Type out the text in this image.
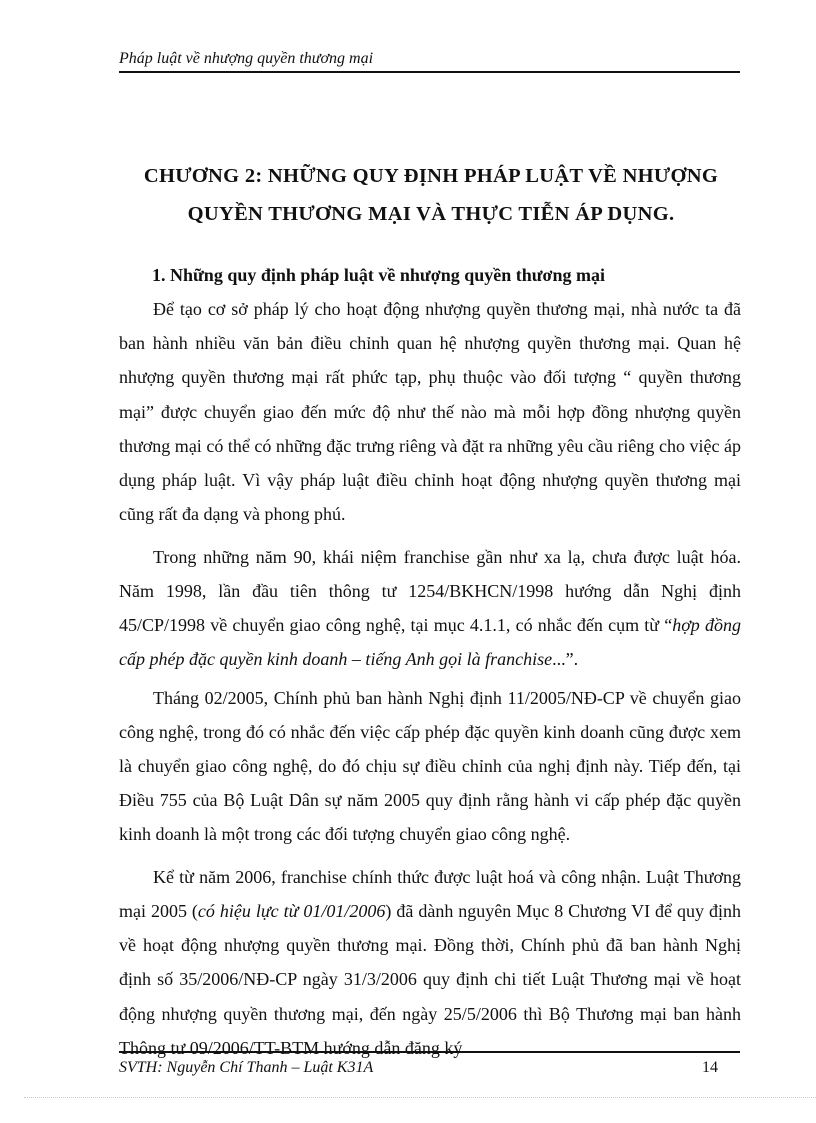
Pháp luật về nhượng quyền thương mại
CHƯƠNG 2: NHỮNG QUY ĐỊNH PHÁP LUẬT VỀ NHƯỢNG
QUYỀN THƯƠNG MẠI VÀ THỰC TIỄN ÁP DỤNG.
1. Những quy định pháp luật về nhượng quyền thương mại

Để tạo cơ sở pháp lý cho hoạt động nhượng quyền thương mại, nhà nước ta đã ban hành nhiều văn bản điều chỉnh quan hệ nhượng quyền thương mại. Quan hệ nhượng quyền thương mại rất phức tạp, phụ thuộc vào đối tượng “ quyền thương mại” được chuyển giao đến mức độ như thế nào mà mỗi hợp đồng nhượng quyền thương mại có thể có những đặc trưng riêng và đặt ra những yêu cầu riêng cho việc áp dụng pháp luật. Vì vậy pháp luật điều chỉnh hoạt động nhượng quyền thương mại cũng rất đa dạng và phong phú.

Trong những năm 90, khái niệm franchise gần như xa lạ, chưa được luật hóa. Năm 1998, lần đầu tiên thông tư 1254/BKHCN/1998 hướng dẫn Nghị định 45/CP/1998 về chuyển giao công nghệ, tại mục 4.1.1, có nhắc đến cụm từ “hợp đồng cấp phép đặc quyền kinh doanh – tiếng Anh gọi là franchise...”.

Tháng 02/2005, Chính phủ ban hành Nghị định 11/2005/NĐ-CP về chuyển giao công nghệ, trong đó có nhắc đến việc cấp phép đặc quyền kinh doanh cũng được xem là chuyển giao công nghệ, do đó chịu sự điều chỉnh của nghị định này. Tiếp đến, tại Điều 755 của Bộ Luật Dân sự năm 2005 quy định rằng hành vi cấp phép đặc quyền kinh doanh là một trong các đối tượng chuyển giao công nghệ.

Kể từ năm 2006, franchise chính thức được luật hoá và công nhận. Luật Thương mại 2005 (có hiệu lực từ 01/01/2006) đã dành nguyên Mục 8 Chương VI để quy định về hoạt động nhượng quyền thương mại. Đồng thời, Chính phủ đã ban hành Nghị định số 35/2006/NĐ-CP ngày 31/3/2006 quy định chi tiết Luật Thương mại về hoạt động nhượng quyền thương mại, đến ngày 25/5/2006 thì Bộ Thương mại ban hành Thông tư 09/2006/TT-BTM hướng dẫn đăng ký

SVTH: Nguyễn Chí Thanh – Luật K31A	14
